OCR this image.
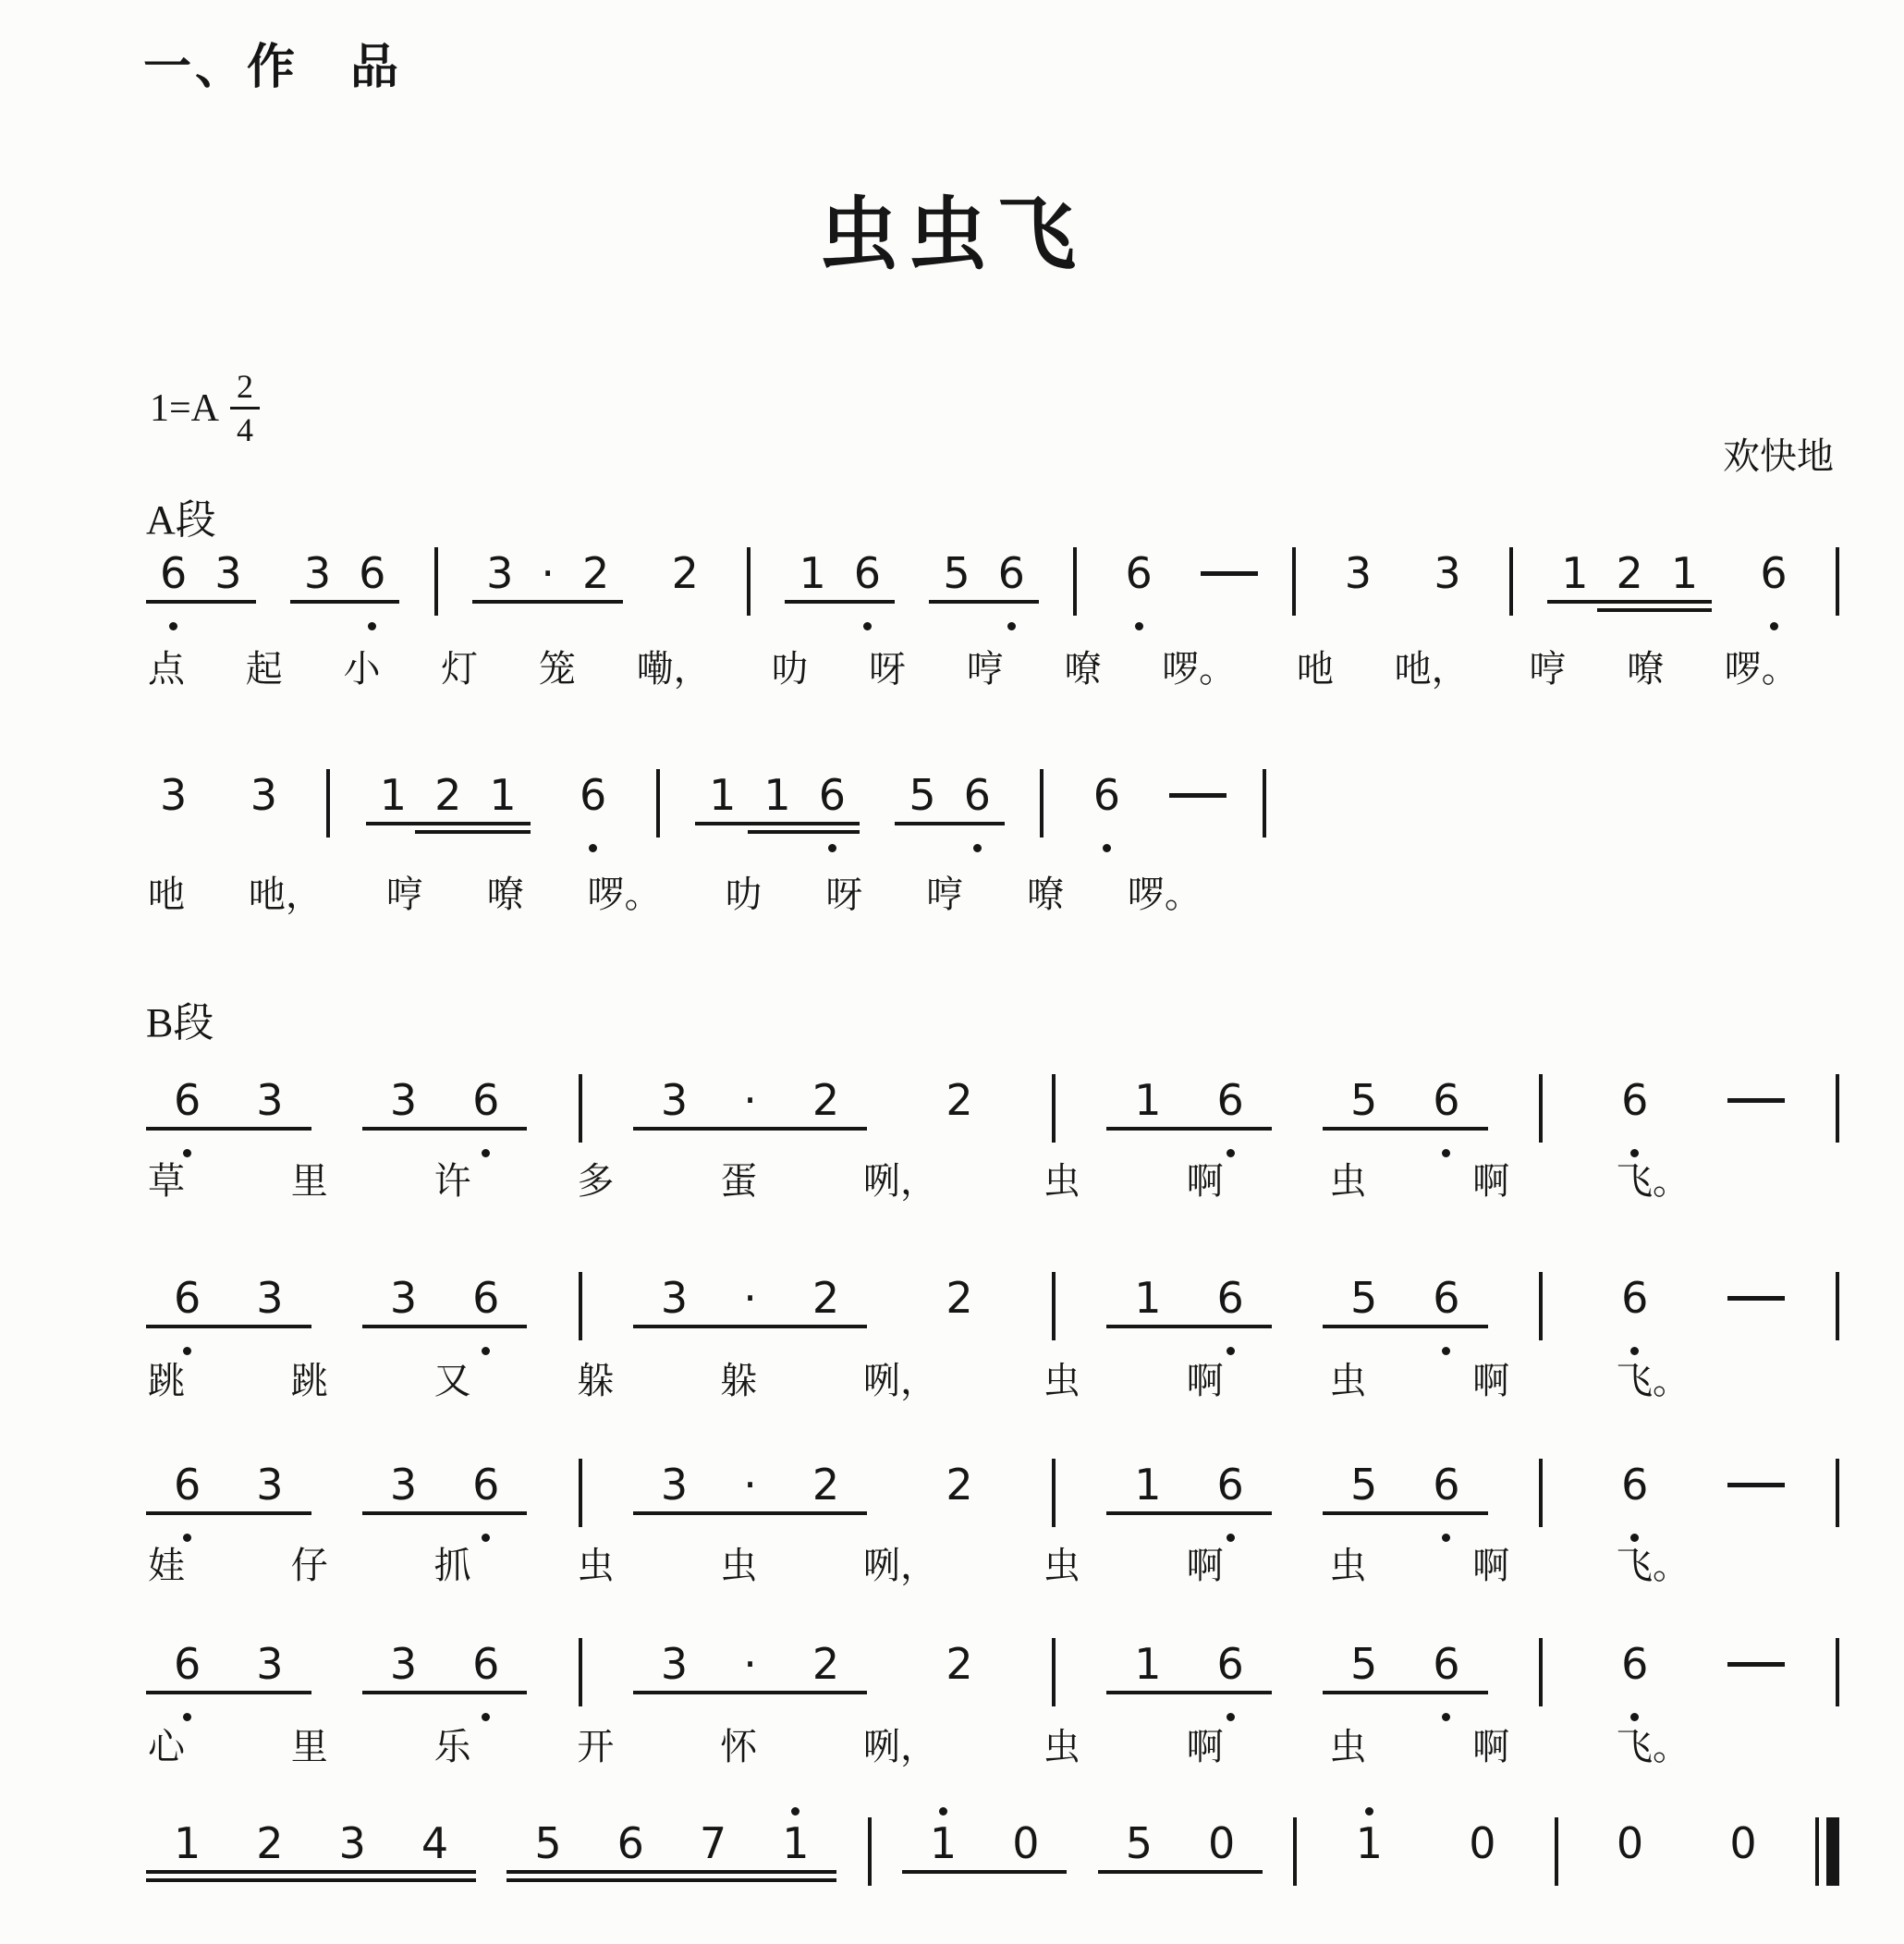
一、作　品
虫虫飞
$1=A \frac{2}{4}$
欢快地
A段
B段
6 3 3 6 3 · 2 2 1 6 5 6 6	3 3 1 2 1 6
点 起 小 灯 笼 嘞， 叻 呀 哼 嘹 啰。 吔 吔， 哼 嘹 啰。
3 3 1 2 1 6 1 1 6 5 6 6
吔 吔， 哼 嘹 啰。 叻 呀 哼 嘹 啰。
6 3	3 6	3 · 2	2	1 6	5 6	6
草	里	许	多	蛋	咧，	虫	啊	虫	啊	飞。
6 3	3 6	3 · 2	2	1 6	5 6	6
跳	跳	又	躲	躲	咧，	虫	啊	虫	啊	飞。
6 3	3 6	3 · 2	2	1 6	5 6	6
娃	仔	抓	虫	虫	咧，	虫	啊	虫	啊	飞。
6 3	3 6	3 · 2	2	1 6	5 6	6
心	里	乐	开	怀	咧，	虫	啊	虫	啊	飞。
1 2 3 4 5 6 7 1	1 0 5 0	1 0	0 0
